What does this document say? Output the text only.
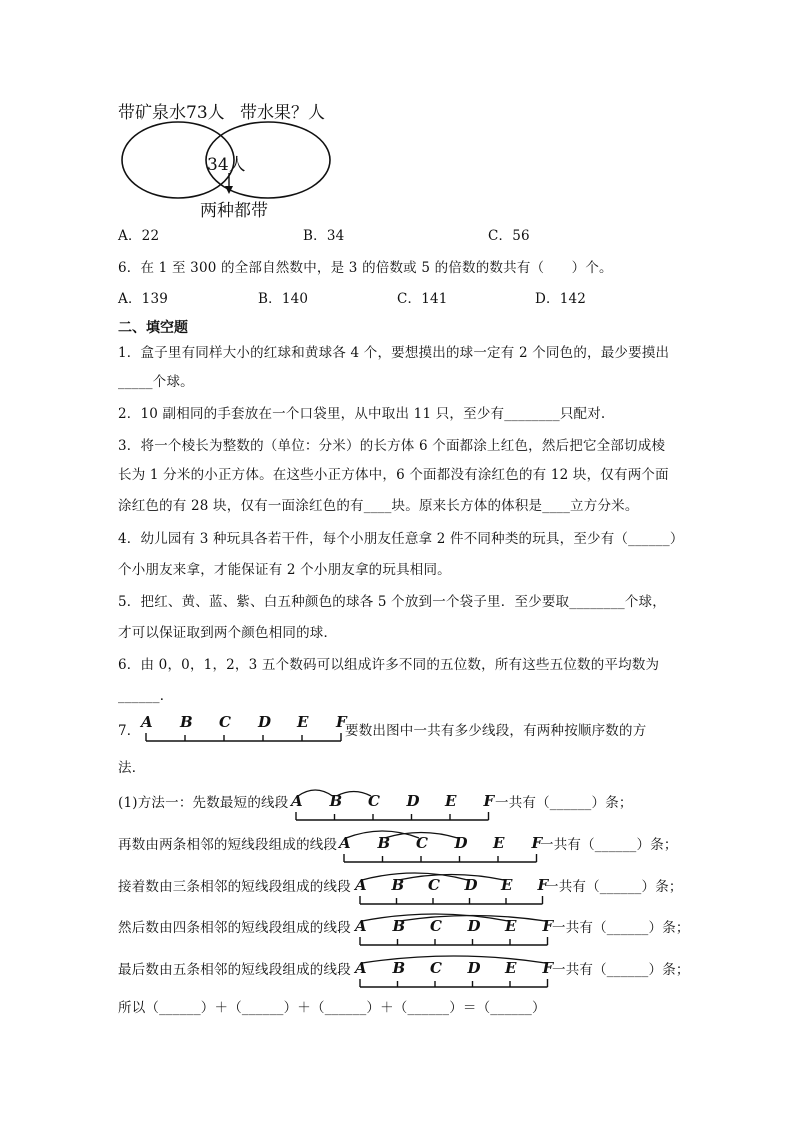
带矿泉水73人 带水果？人
34人
两种都带
A．22	B．34	C．56
6．在 1 至 300 的全部自然数中，是 3 的倍数或 5 的倍数的数共有（　　）个。
A．139	B．140	C．141	D．142
二、填空题
1．盒子里有同样大小的红球和黄球各 4 个，要想摸出的球一定有 2 个同色的，最少要摸出
_____个球。
2．10 副相同的手套放在一个口袋里，从中取出 11 只，至少有________只配对.
3．将一个棱长为整数的（单位：分米）的长方体 6 个面都涂上红色，然后把它全部切成棱
长为 1 分米的小正方体。在这些小正方体中，6 个面都没有涂红色的有 12 块，仅有两个面
涂红色的有 28 块，仅有一面涂红色的有____块。原来长方体的体积是____立方分米。
4．幼儿园有 3 种玩具各若干件，每个小朋友任意拿 2 件不同种类的玩具，至少有（______）
个小朋友来拿，才能保证有 2 个小朋友拿的玩具相同。
5．把红、黄、蓝、紫、白五种颜色的球各 5 个放到一个袋子里．至少要取________个球，
才可以保证取到两个颜色相同的球．
6．由 0，0，1，2，3 五个数码可以组成许多不同的五位数，所有这些五位数的平均数为
______．
7．	要数出图中一共有多少线段，有两种按顺序数的方
法．
A B C D E F
A B C D E F
A B C D E F
A B C D E F
A B C D E F
A B C D E F
(1)方法一：先数最短的线段	一共有（______）条；
再数由两条相邻的短线段组成的线段	一共有（______）条；
接着数由三条相邻的短线段组成的线段	一共有（______）条；
然后数由四条相邻的短线段组成的线段	一共有（______）条；
最后数由五条相邻的短线段组成的线段	一共有（______）条；
所以（______）＋（______）＋（______）＋（______）＝（______）
